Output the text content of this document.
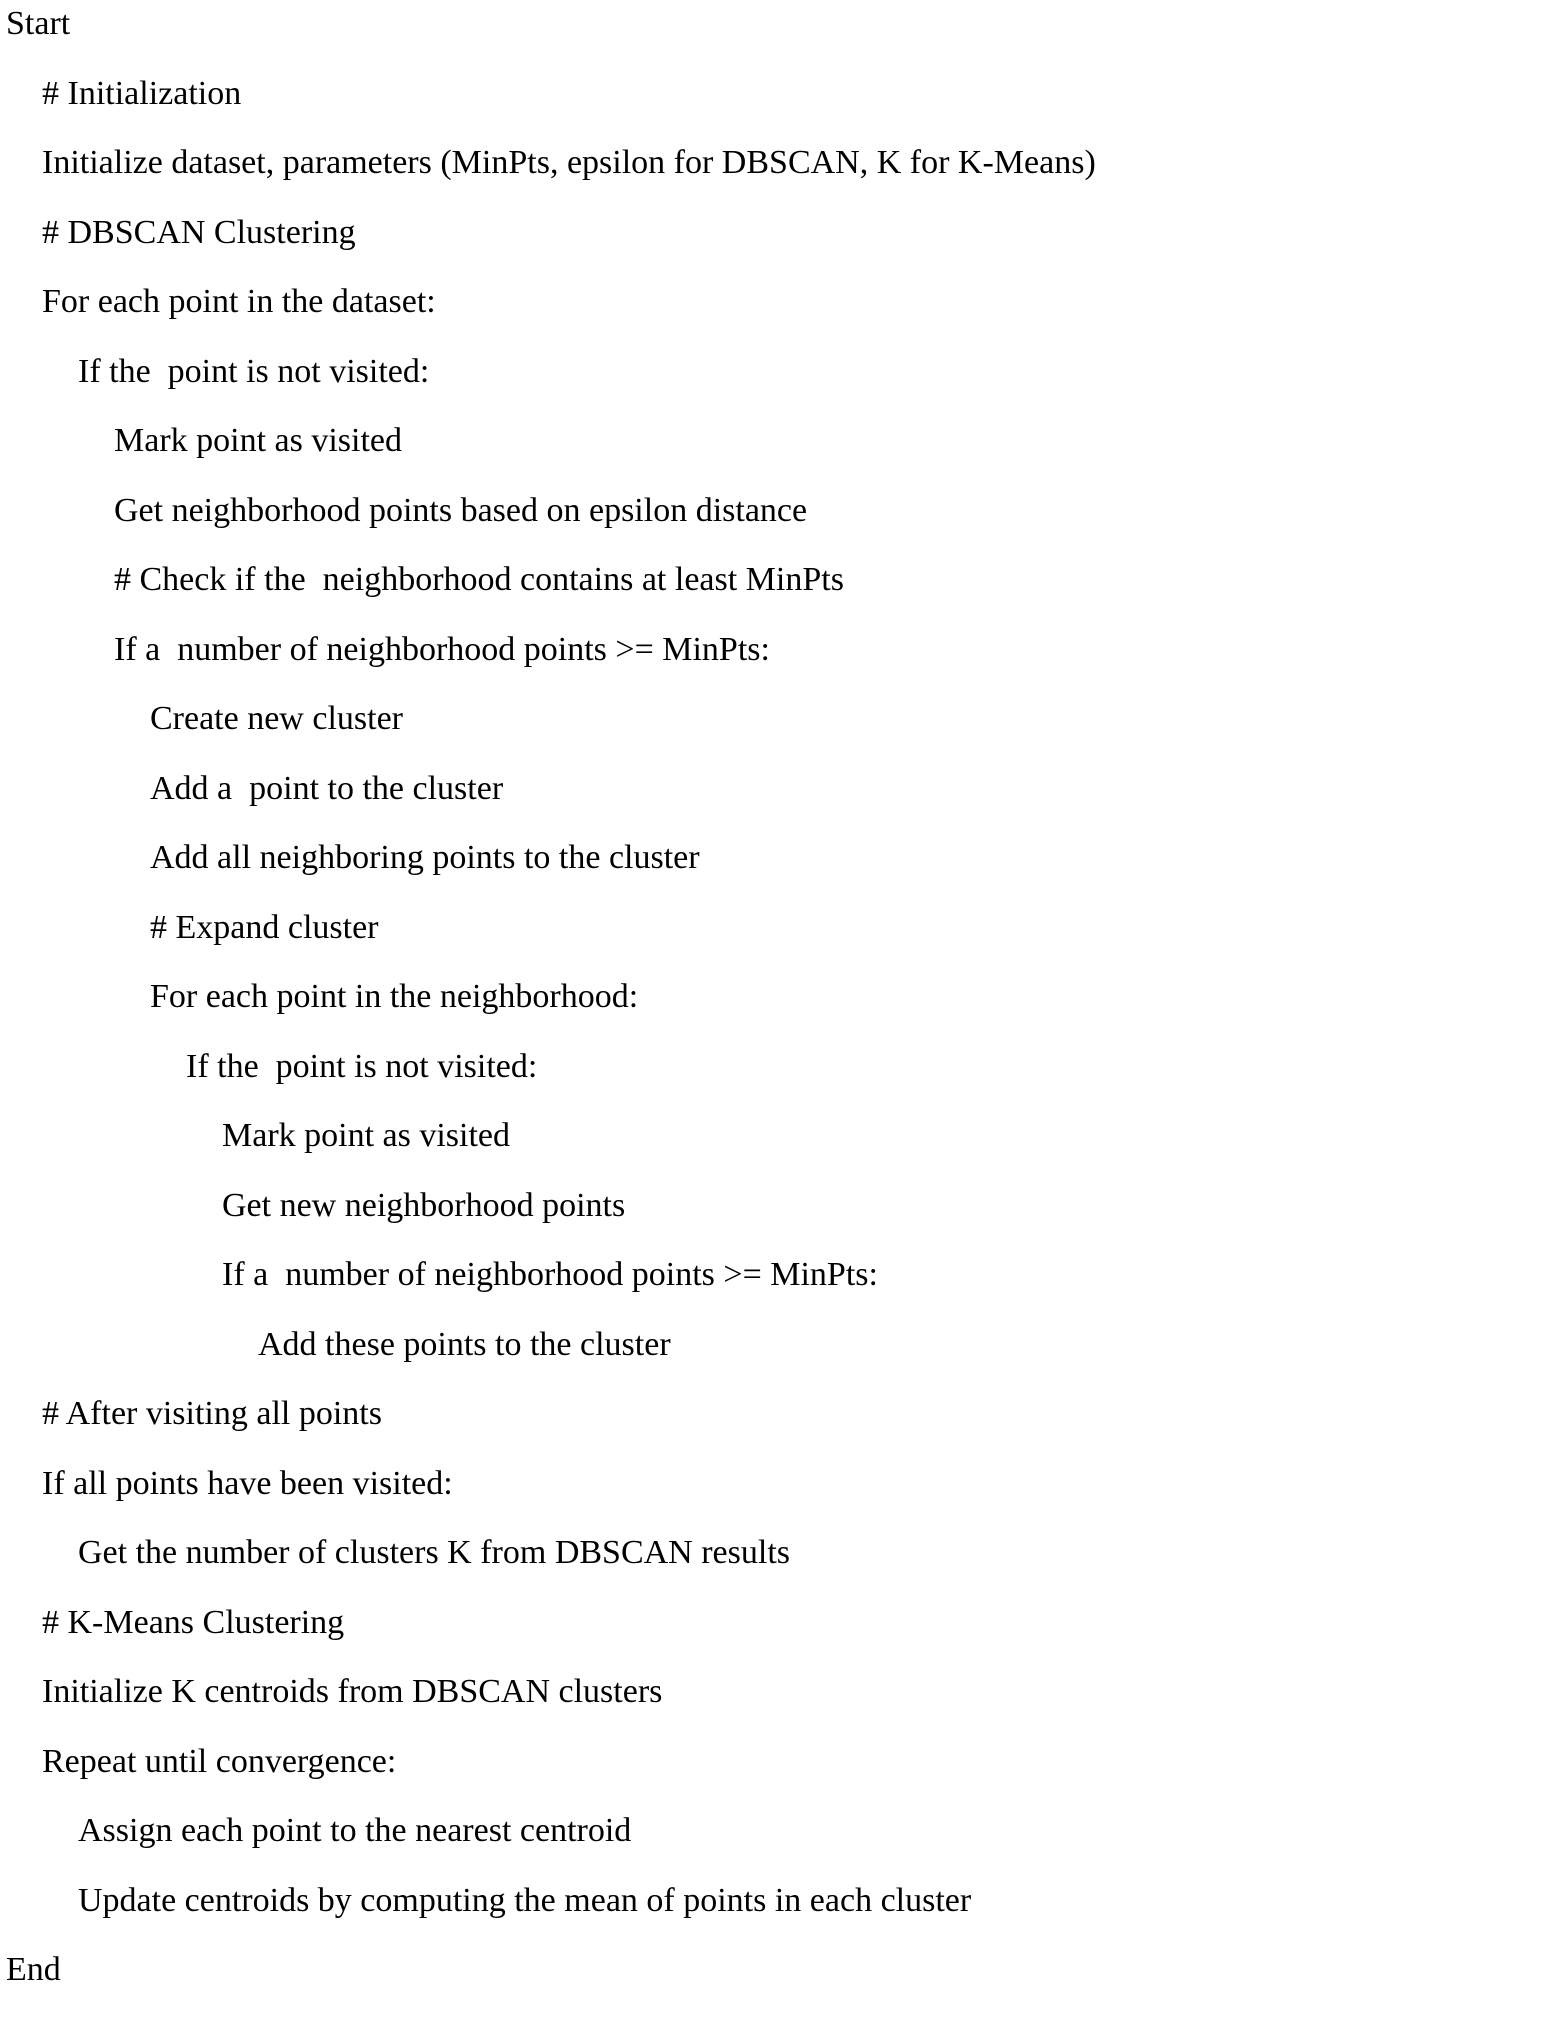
Start
# Initialization
Initialize dataset, parameters (MinPts, epsilon for DBSCAN, K for K-Means)
# DBSCAN Clustering
For each point in the dataset:
If the  point is not visited:
Mark point as visited
Get neighborhood points based on epsilon distance
# Check if the  neighborhood contains at least MinPts
If a  number of neighborhood points >= MinPts:
Create new cluster
Add a  point to the cluster
Add all neighboring points to the cluster
# Expand cluster
For each point in the neighborhood:
If the  point is not visited:
Mark point as visited
Get new neighborhood points
If a  number of neighborhood points >= MinPts:
Add these points to the cluster
# After visiting all points
If all points have been visited:
Get the number of clusters K from DBSCAN results
# K-Means Clustering
Initialize K centroids from DBSCAN clusters
Repeat until convergence:
Assign each point to the nearest centroid
Update centroids by computing the mean of points in each cluster
End
